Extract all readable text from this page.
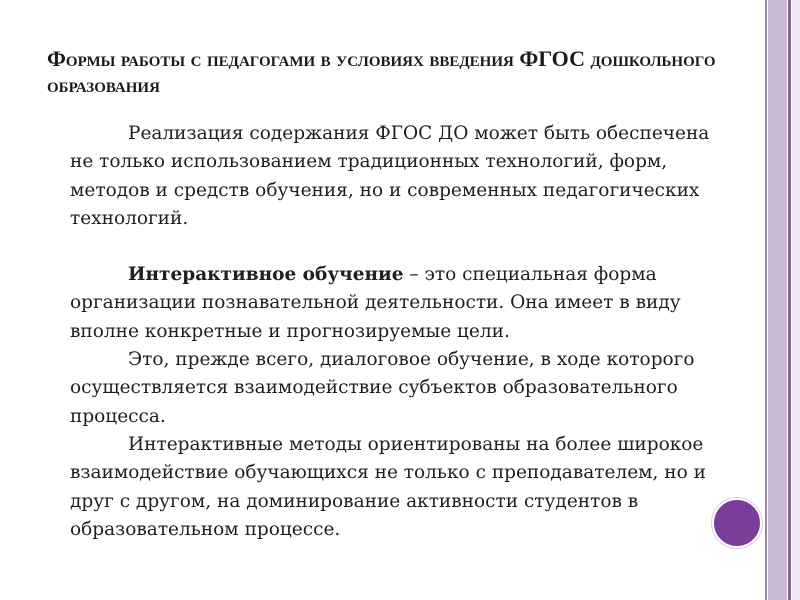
Формы работы с педагогами в условиях введения ФГОС дошкольного образования

Реализация содержания ФГОС ДО может быть обеспечена не только использованием традиционных технологий, форм, методов и средств обучения, но и современных педагогических технологий.

Интерактивное обучение – это специальная форма организации познавательной деятельности. Она имеет в виду вполне конкретные и прогнозируемые цели.

Это, прежде всего, диалоговое обучение, в ходе которого осуществляется взаимодействие субъектов образовательного процесса.

Интерактивные методы ориентированы на более широкое взаимодействие обучающихся не только с преподавателем, но и друг с другом, на доминирование активности студентов в образовательном процессе.
